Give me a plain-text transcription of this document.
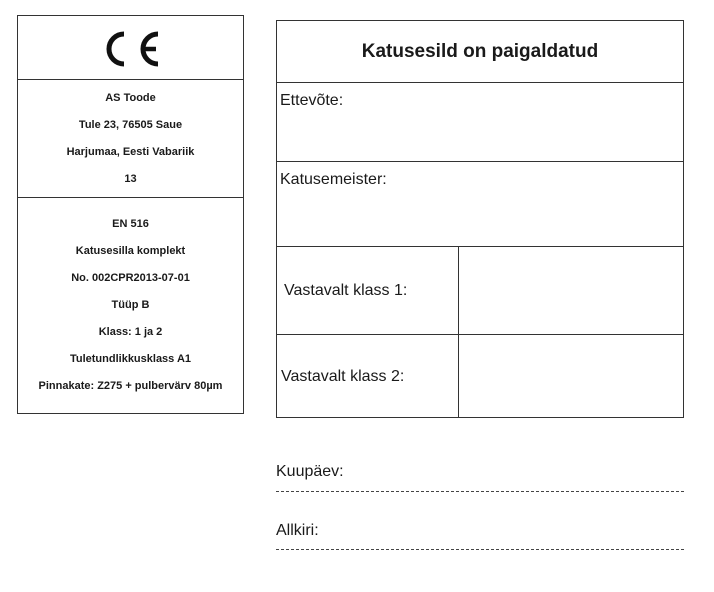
AS Toode
Tule 23, 76505 Saue
Harjumaa, Eesti Vabariik
13
EN 516
Katusesilla komplekt
No. 002CPR2013-07-01
Tüüp B
Klass: 1 ja 2
Tuletundlikkusklass A1
Pinnakate: Z275 + pulbervärv 80µm
Katusesild on paigaldatud
Ettevõte:
Katusemeister:
Vastavalt klass 1:
Vastavalt klass 2:
Kuupäev:
Allkiri:
